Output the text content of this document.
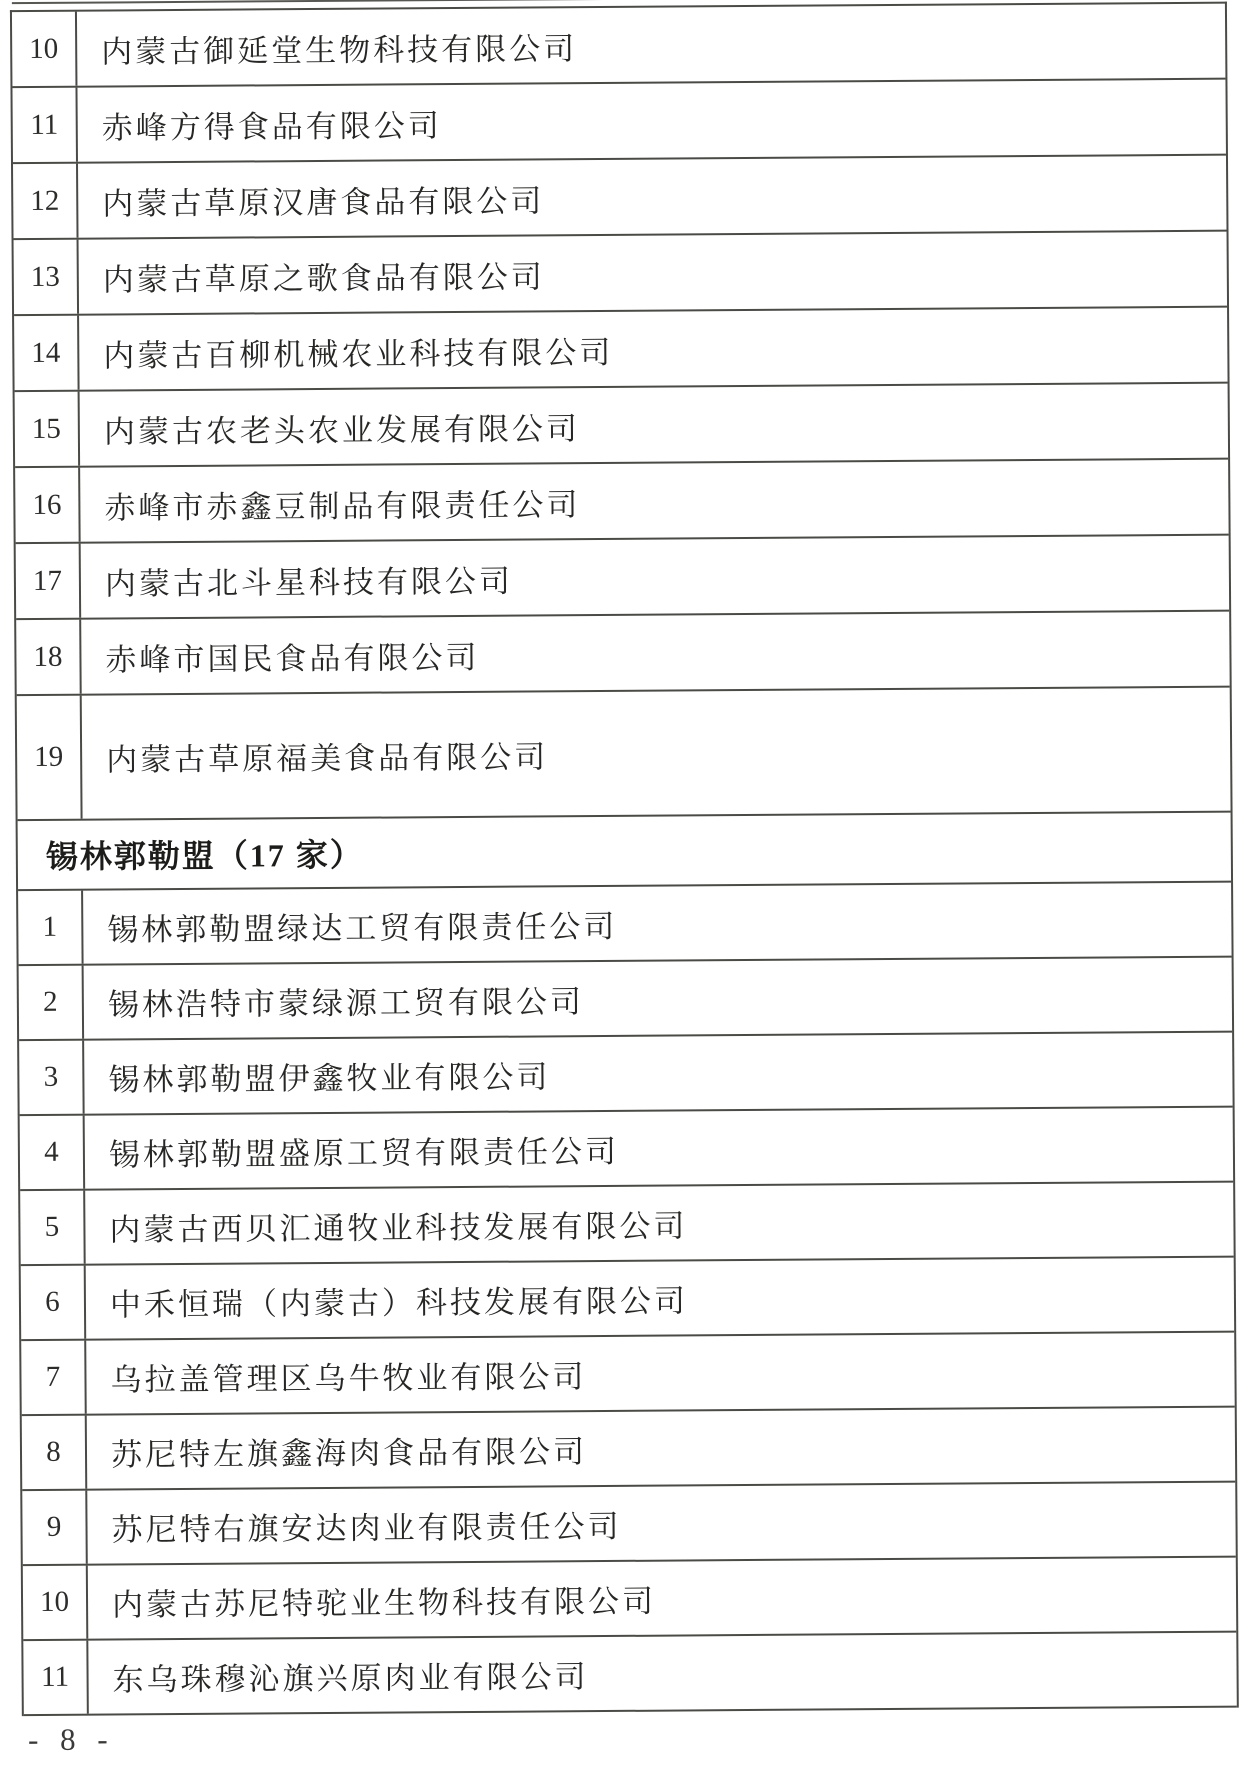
10	内蒙古御延堂生物科技有限公司
11	赤峰方得食品有限公司
12	内蒙古草原汉唐食品有限公司
13	内蒙古草原之歌食品有限公司
14	内蒙古百柳机械农业科技有限公司
15	内蒙古农老头农业发展有限公司
16	赤峰市赤鑫豆制品有限责任公司
17	内蒙古北斗星科技有限公司
18	赤峰市国民食品有限公司
19	内蒙古草原福美食品有限公司
锡林郭勒盟（17 家）
1	锡林郭勒盟绿达工贸有限责任公司
2	锡林浩特市蒙绿源工贸有限公司
3	锡林郭勒盟伊鑫牧业有限公司
4	锡林郭勒盟盛原工贸有限责任公司
5	内蒙古西贝汇通牧业科技发展有限公司
6	中禾恒瑞（内蒙古）科技发展有限公司
7	乌拉盖管理区乌牛牧业有限公司
8	苏尼特左旗鑫海肉食品有限公司
9	苏尼特右旗安达肉业有限责任公司
10	内蒙古苏尼特驼业生物科技有限公司
11	东乌珠穆沁旗兴原肉业有限公司
- 8 -
